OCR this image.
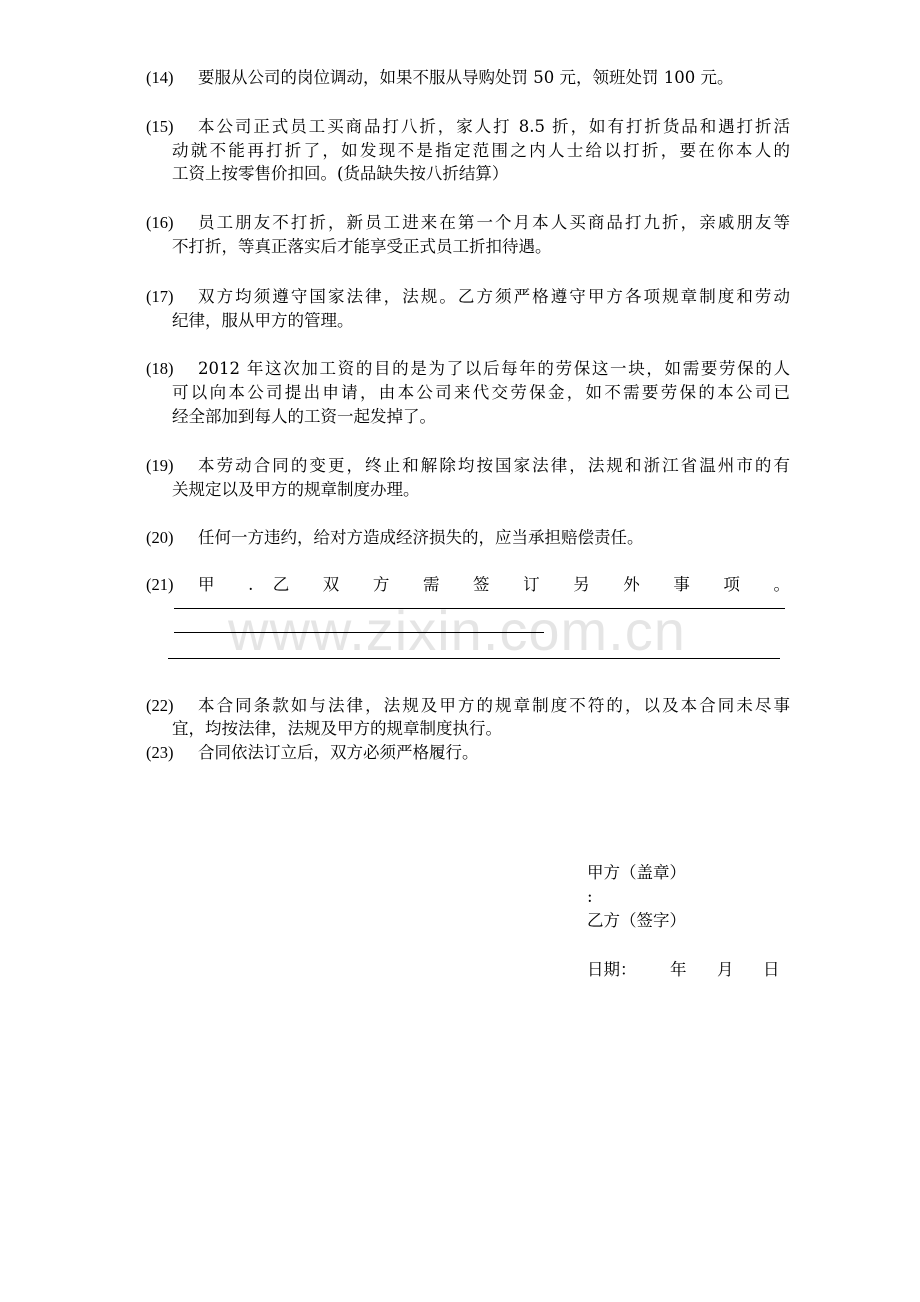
(14) 要服从公司的岗位调动，如果不服从导购处罚 50 元，领班处罚 100 元。
(15) 本公司正式员工买商品打八折，家人打 8.5 折，如有打折货品和遇打折活
动就不能再打折了，如发现不是指定范围之内人士给以打折，要在你本人的
工资上按零售价扣回。(货品缺失按八折结算）
(16) 员工朋友不打折，新员工进来在第一个月本人买商品打九折，亲戚朋友等
不打折，等真正落实后才能享受正式员工折扣待遇。
(17) 双方均须遵守国家法律，法规。乙方须严格遵守甲方各项规章制度和劳动
纪律，服从甲方的管理。
(18) 2012 年这次加工资的目的是为了以后每年的劳保这一块，如需要劳保的人
可以向本公司提出申请，由本公司来代交劳保金，如不需要劳保的本公司已
经全部加到每人的工资一起发掉了。
(19) 本劳动合同的变更，终止和解除均按国家法律，法规和浙江省温州市的有
关规定以及甲方的规章制度办理。
(20) 任何一方违约，给对方造成经济损失的，应当承担赔偿责任。
(21) 甲 . 乙 双 方 需 签 订 另 外 事 项 。
(22) 本合同条款如与法律，法规及甲方的规章制度不符的，以及本合同未尽事
宜，均按法律，法规及甲方的规章制度执行。
(23) 合同依法订立后，双方必须严格履行。
www.zixin.com.cn
甲方（盖章）
:
乙方（签字）
日期： 年 月 日
